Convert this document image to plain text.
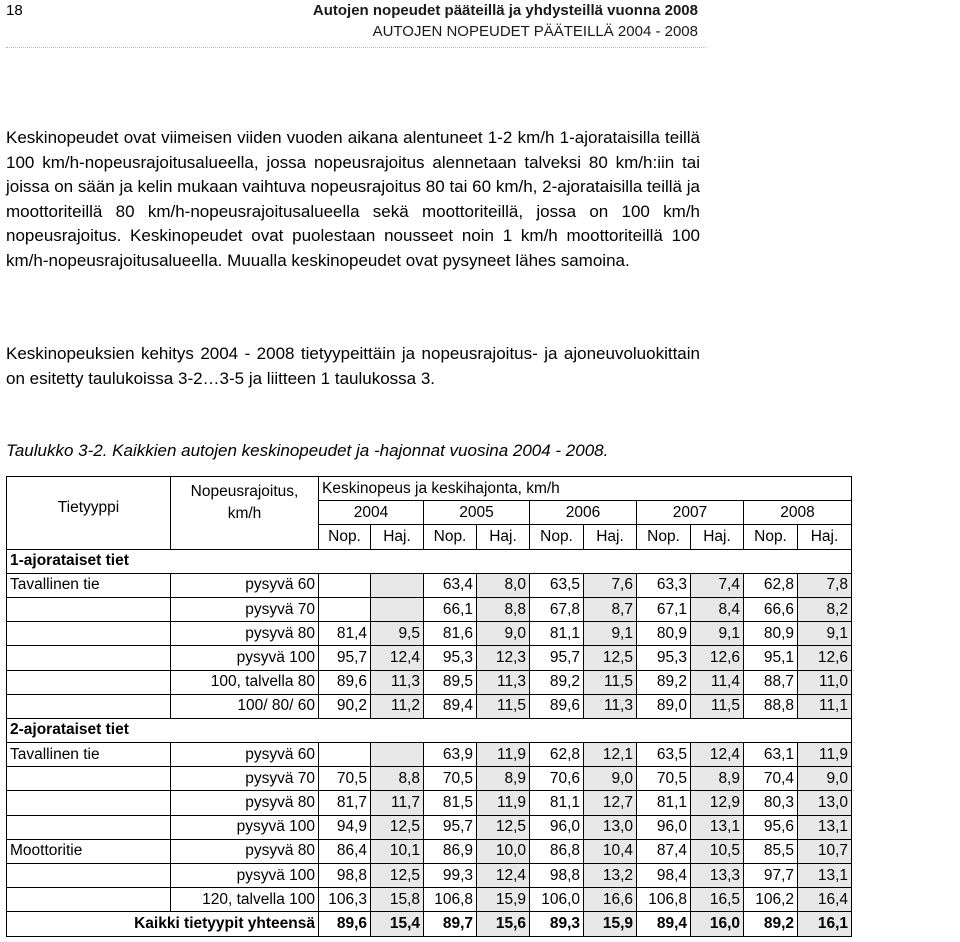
18	Autojen nopeudet pääteillä ja yhdysteillä vuonna 2008
AUTOJEN NOPEUDET PÄÄTEILLÄ 2004 - 2008

Keskinopeudet ovat viimeisen viiden vuoden aikana alentuneet 1-2 km/h 1-ajorataisilla teillä 100 km/h-nopeusrajoitusalueella, jossa nopeusrajoitus alennetaan talveksi 80 km/h:iin tai joissa on sään ja kelin mukaan vaihtuva nopeusrajoitus 80 tai 60 km/h, 2-ajorataisilla teillä ja moottoriteillä 80 km/h-nopeusrajoitusalueella sekä moottoriteillä, jossa on 100 km/h nopeusrajoitus. Keskinopeudet ovat puolestaan nousseet noin 1 km/h moottoriteillä 100 km/h-nopeusrajoitusalueella. Muualla keskinopeudet ovat pysyneet lähes samoina.

Keskinopeuksien kehitys 2004 - 2008 tietyypeittäin ja nopeusrajoitus- ja ajoneuvoluokittain on esitetty taulukoissa 3-2…3-5 ja liitteen 1 taulukossa 3.

Taulukko 3-2. Kaikkien autojen keskinopeudet ja -hajonnat vuosina 2004 - 2008.
Tietyyppi	Nopeusrajoitus, km/h	Keskinopeus ja keskihajonta, km/h									
		2004		2005		2006		2007		2008	
		Nop.	Haj.	Nop.	Haj.	Nop.	Haj.	Nop.	Haj.	Nop.	Haj.
1-ajorataiset tiet											
Tavallinen tie	pysyvä 60			63,4	8,0	63,5	7,6	63,3	7,4	62,8	7,8
	pysyvä 70			66,1	8,8	67,8	8,7	67,1	8,4	66,6	8,2
	pysyvä 80	81,4	9,5	81,6	9,0	81,1	9,1	80,9	9,1	80,9	9,1
	pysyvä 100	95,7	12,4	95,3	12,3	95,7	12,5	95,3	12,6	95,1	12,6
	100, talvella 80	89,6	11,3	89,5	11,3	89,2	11,5	89,2	11,4	88,7	11,0
	100/ 80/ 60	90,2	11,2	89,4	11,5	89,6	11,3	89,0	11,5	88,8	11,1
2-ajorataiset tiet											
Tavallinen tie	pysyvä 60			63,9	11,9	62,8	12,1	63,5	12,4	63,1	11,9
	pysyvä 70	70,5	8,8	70,5	8,9	70,6	9,0	70,5	8,9	70,4	9,0
	pysyvä 80	81,7	11,7	81,5	11,9	81,1	12,7	81,1	12,9	80,3	13,0
	pysyvä 100	94,9	12,5	95,7	12,5	96,0	13,0	96,0	13,1	95,6	13,1
Moottoritie	pysyvä 80	86,4	10,1	86,9	10,0	86,8	10,4	87,4	10,5	85,5	10,7
	pysyvä 100	98,8	12,5	99,3	12,4	98,8	13,2	98,4	13,3	97,7	13,1
	120, talvella 100	106,3	15,8	106,8	15,9	106,0	16,6	106,8	16,5	106,2	16,4
Kaikki tietyypit yhteensä		89,6	15,4	89,7	15,6	89,3	15,9	89,4	16,0	89,2	16,1
